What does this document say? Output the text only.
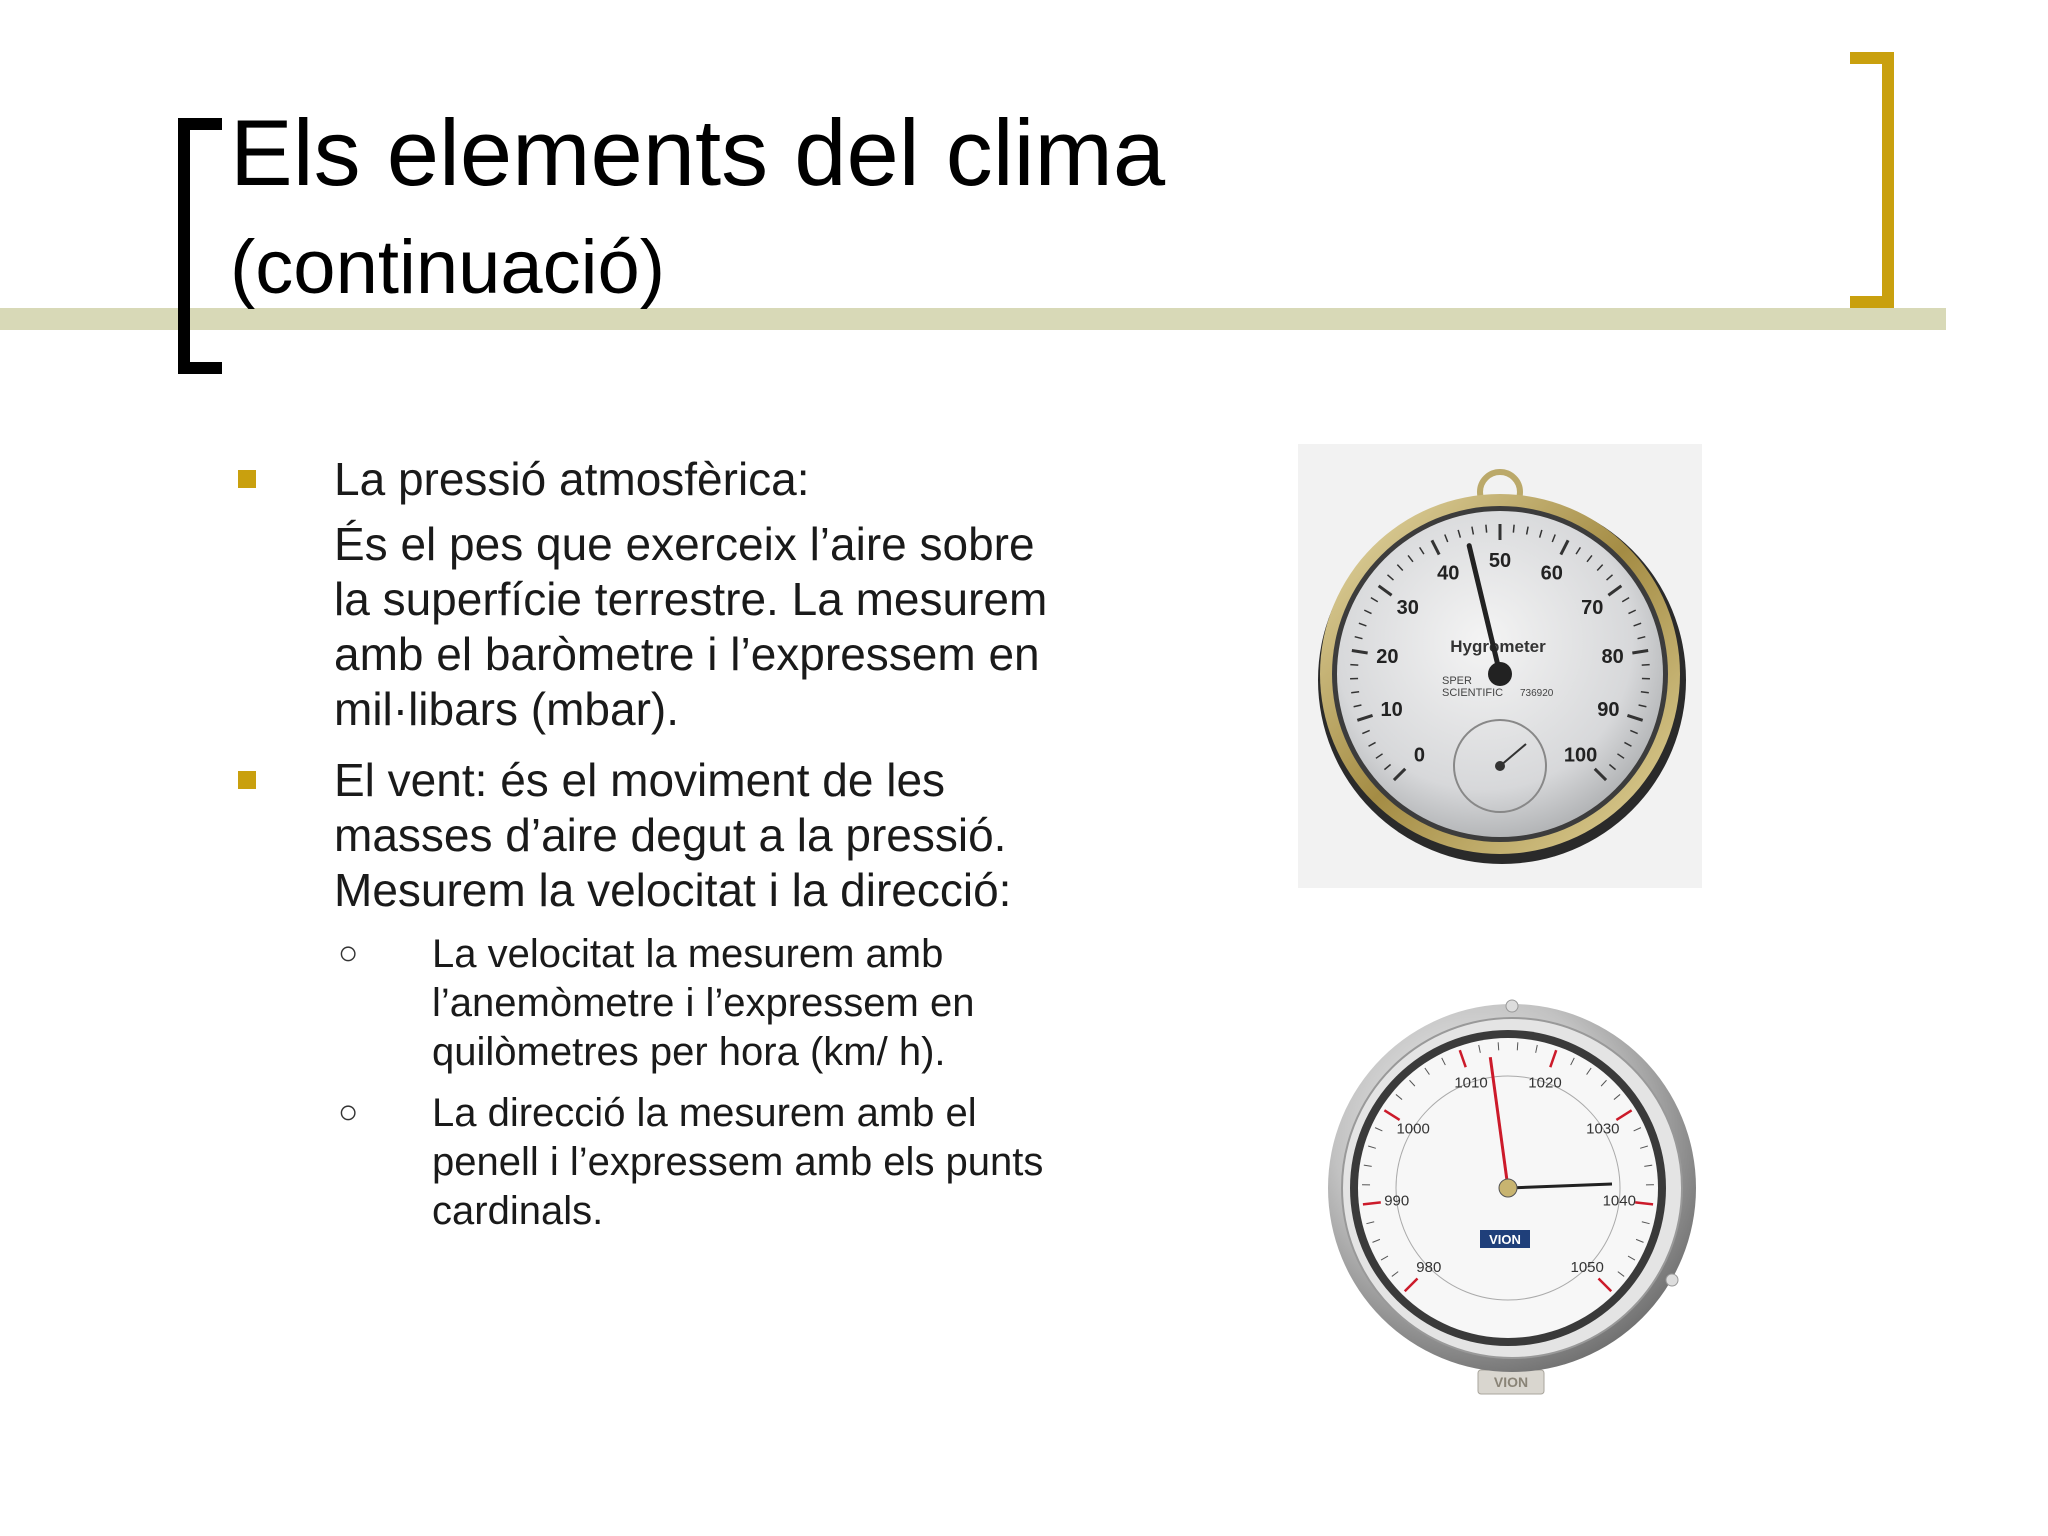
Els elements del clima
(continuació)

La pressió atmosfèrica:

És el pes que exerceix l’aire sobre la superfície terrestre. La mesurem amb el baròmetre i l’expressem en mil·libars (mbar).

El vent: és el moviment de les masses d’aire degut a la pressió. Mesurem la velocitat i la direcció:

○ La velocitat la mesurem amb l’anemòmetre i l’expressem en quilòmetres per hora (km/ h).
○ La direcció la mesurem amb el penell i l’expressem amb els punts cardinals.
0
10
20
30
40
50
60
70
80
90
100
Hygrometer
SPER
SCIENTIFIC 736920
VION
980
990
1000
1010	1020
1030
1040
1050
VION
